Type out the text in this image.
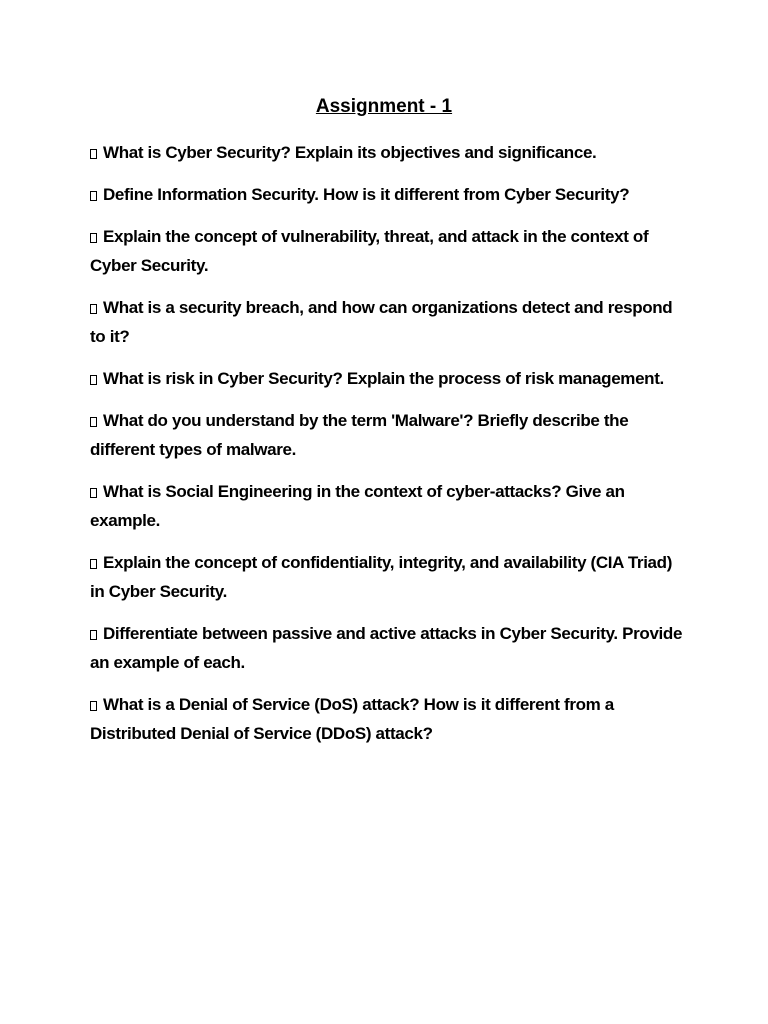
Assignment - 1
What is Cyber Security? Explain its objectives and significance.
Define Information Security. How is it different from Cyber Security?
Explain the concept of vulnerability, threat, and attack in the context of Cyber Security.
What is a security breach, and how can organizations detect and respond to it?
What is risk in Cyber Security? Explain the process of risk management.
What do you understand by the term 'Malware'? Briefly describe the different types of malware.
What is Social Engineering in the context of cyber-attacks? Give an example.
Explain the concept of confidentiality, integrity, and availability (CIA Triad) in Cyber Security.
Differentiate between passive and active attacks in Cyber Security. Provide an example of each.
What is a Denial of Service (DoS) attack? How is it different from a Distributed Denial of Service (DDoS) attack?
